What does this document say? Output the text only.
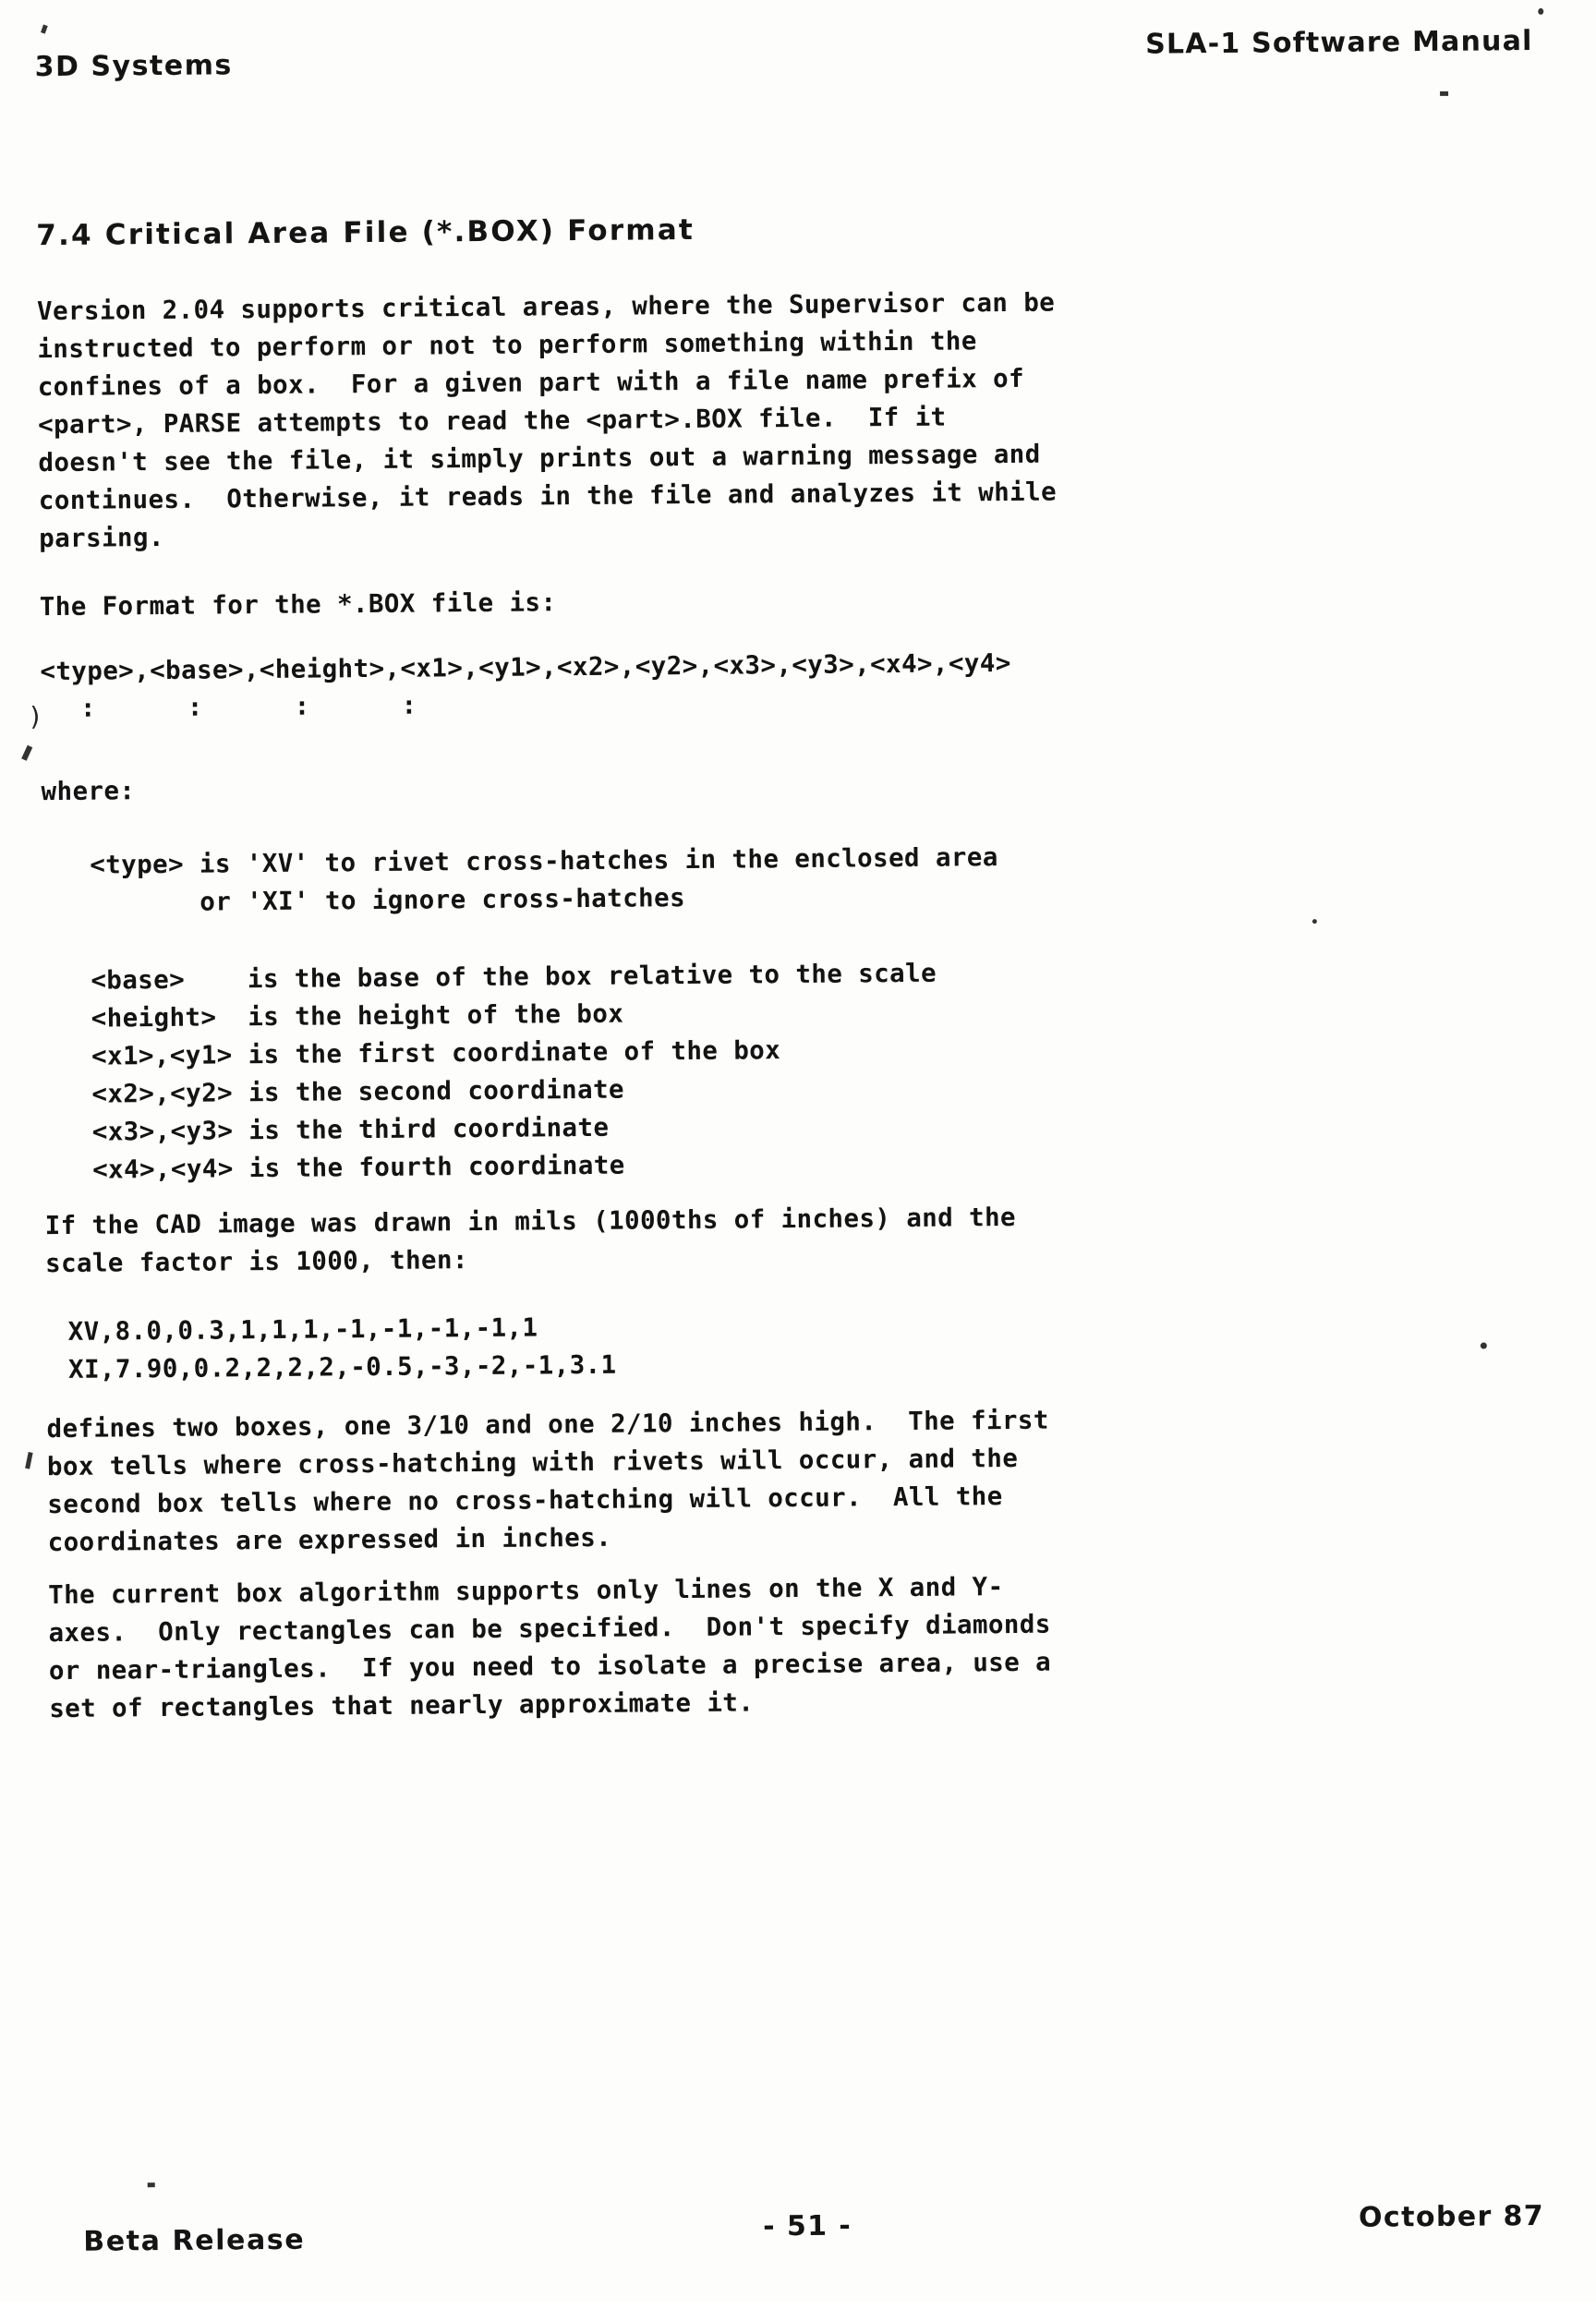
3D Systems
SLA-1 Software Manual
7.4 Critical Area File (*.BOX) Format
Version 2.04 supports critical areas, where the Supervisor can be
instructed to perform or not to perform something within the
confines of a box.  For a given part with a file name prefix of
<part>, PARSE attempts to read the <part>.BOX file.  If it
doesn't see the file, it simply prints out a warning message and
continues.  Otherwise, it reads in the file and analyzes it while
parsing.
The Format for the *.BOX file is:
<type>,<base>,<height>,<x1>,<y1>,<x2>,<y2>,<x3>,<y3>,<x4>,<y4>
:      :      :      :
)
where:
<type> is 'XV' to rivet cross-hatches in the enclosed area
or 'XI' to ignore cross-hatches
<base>    is the base of the box relative to the scale
<height>  is the height of the box
<x1>,<y1> is the first coordinate of the box
<x2>,<y2> is the second coordinate
<x3>,<y3> is the third coordinate
<x4>,<y4> is the fourth coordinate
If the CAD image was drawn in mils (1000ths of inches) and the
scale factor is 1000, then:
XV,8.0,0.3,1,1,1,-1,-1,-1,-1,1
XI,7.90,0.2,2,2,2,-0.5,-3,-2,-1,3.1
defines two boxes, one 3/10 and one 2/10 inches high.  The first
box tells where cross-hatching with rivets will occur, and the
second box tells where no cross-hatching will occur.  All the
coordinates are expressed in inches.
The current box algorithm supports only lines on the X and Y-
axes.  Only rectangles can be specified.  Don't specify diamonds
or near-triangles.  If you need to isolate a precise area, use a
set of rectangles that nearly approximate it.
Beta Release	- 51 -	October 87
